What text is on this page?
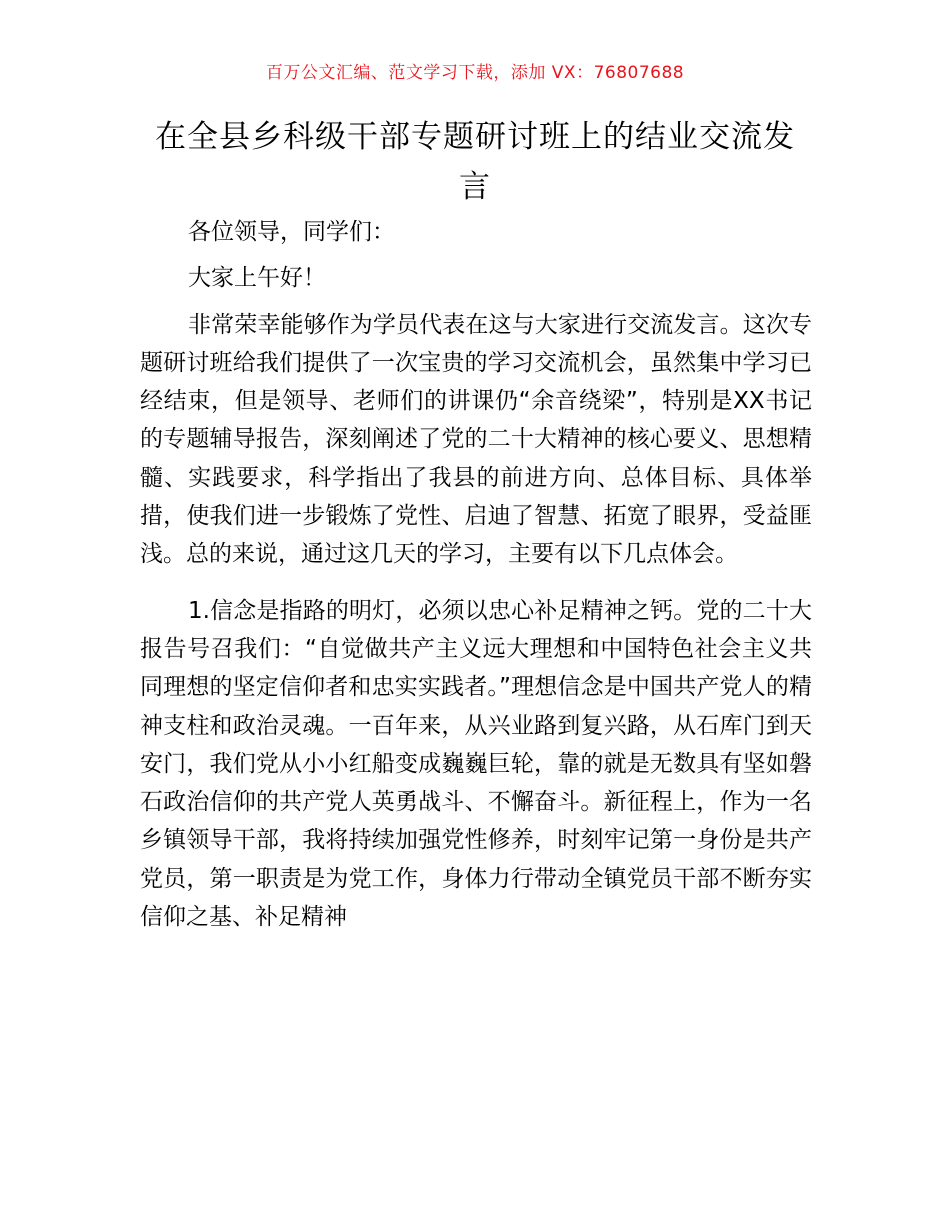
百万公文汇编、范文学习下载，添加 VX：76807688
在全县乡科级干部专题研讨班上的结业交流发言

各位领导，同学们：

大家上午好！

非常荣幸能够作为学员代表在这与大家进行交流发言。这次专题研讨班给我们提供了一次宝贵的学习交流机会，虽然集中学习已经结束，但是领导、老师们的讲课仍“余音绕梁”，特别是XX书记的专题辅导报告，深刻阐述了党的二十大精神的核心要义、思想精髓、实践要求，科学指出了我县的前进方向、总体目标、具体举措，使我们进一步锻炼了党性、启迪了智慧、拓宽了眼界，受益匪浅。总的来说，通过这几天的学习，主要有以下几点体会。

1.信念是指路的明灯，必须以忠心补足精神之钙。党的二十大报告号召我们：“自觉做共产主义远大理想和中国特色社会主义共同理想的坚定信仰者和忠实实践者。”理想信念是中国共产党人的精神支柱和政治灵魂。一百年来，从兴业路到复兴路，从石库门到天安门，我们党从小小红船变成巍巍巨轮，靠的就是无数具有坚如磐石政治信仰的共产党人英勇战斗、不懈奋斗。新征程上，作为一名乡镇领导干部，我将持续加强党性修养，时刻牢记第一身份是共产党员，第一职责是为党工作，身体力行带动全镇党员干部不断夯实信仰之基、补足精神
